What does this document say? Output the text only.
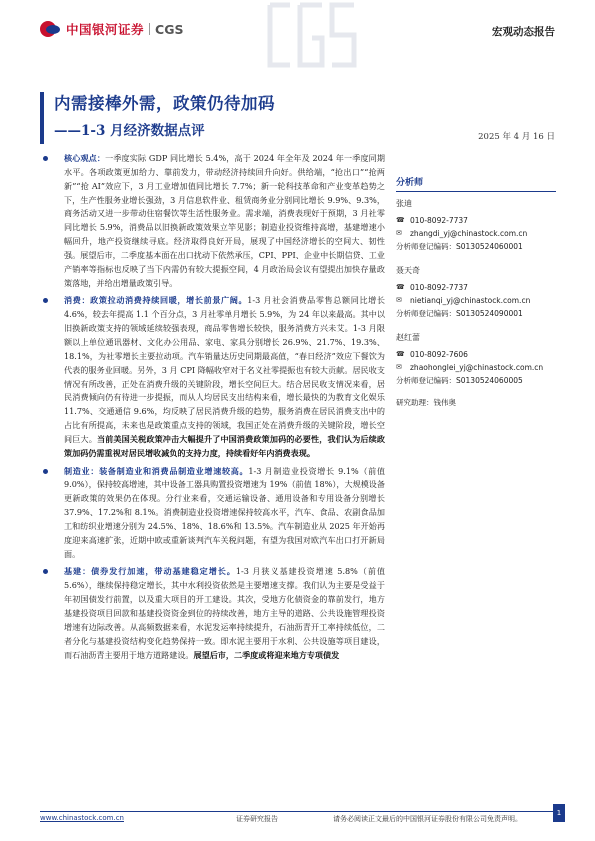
中国银河证券 CGS	宏观动态报告
内需接棒外需，政策仍待加码
——1-3 月经济数据点评	2025 年 4 月 16 日
核心观点：一季度实际 GDP 同比增长 5.4%，高于 2024 年全年及 2024 年一季度同期水平。各项政策更加给力、靠前发力，带动经济持续回升向好。供给端，“抢出口”“抢两新”“抢 AI”效应下，3 月工业增加值同比增长 7.7%；新一轮科技革命和产业变革趋势之下，生产性服务业增长强劲，3 月信息软件业、租赁商务业分别同比增长 9.9%、9.3%，商务活动又进一步带动住宿餐饮等生活性服务业。需求端，消费表现好于预期，3 月社零同比增长 5.9%，消费品以旧换新政策效果立竿见影；制造业投资维持高增，基建增速小幅回升，地产投资继续寻底。经济取得良好开局，展现了中国经济增长的空间大、韧性强。展望后市，二季度基本面在出口扰动下依然承压，CPI、PPI、企业中长期信贷、工业产销率等指标也反映了当下内需仍有较大提振空间，4 月政治局会议有望提出加快存量政策落地，并给出增量政策引导。
消费：政策拉动消费持续回暖，增长前景广阔。1-3 月社会消费品零售总额同比增长 4.6%，较去年提高 1.1 个百分点，3 月社零单月增长 5.9%，为 24 年以来最高。其中以旧换新政策支持的领域延续较强表现，商品零售增长较快，服务消费方兴未艾。1-3 月限额以上单位通讯器材、文化办公用品、家电、家具分别增长 26.9%、21.7%、19.3%、18.1%，为社零增长主要拉动项。汽车销量达历史同期最高值，“春日经济”效应下餐饮为代表的服务业回暖。另外，3 月 CPI 降幅收窄对于名义社零提振也有较大贡献。居民收支情况有所改善，正处在消费升级的关键阶段，增长空间巨大。结合居民收支情况来看，居民消费倾向仍有待进一步提振，而从人均居民支出结构来看，增长最快的为教育文化娱乐 11.7%、交通通信 9.6%，均反映了居民消费升级的趋势，服务消费在居民消费支出中的占比有所提高，未来也是政策重点支持的领域，我国正处在消费升级的关键阶段，增长空间巨大。当前美国关税政策冲击大幅提升了中国消费政策加码的必要性，我们认为后续政策加码仍需重视对居民增收减负的支持力度，持续看好年内消费表现。
制造业：装备制造业和消费品制造业增速较高。1-3 月制造业投资增长 9.1%（前值 9.0%），保持较高增速，其中设备工器具购置投资增速为 19%（前值 18%），大规模设备更新政策的效果仍在体现。分行业来看，交通运输设备、通用设备和专用设备分别增长 37.9%、17.2%和 8.1%。消费制造业投资增速保持较高水平，汽车、食品、农副食品加工和纺织业增速分别为 24.5%、18%、18.6%和 13.5%。汽车制造业从 2025 年开始再度迎来高速扩张，近期中欧或重新谈判汽车关税问题，有望为我国对欧汽车出口打开新局面。
基建：债券发行加速，带动基建稳定增长。1-3 月狭义基建投资增速 5.8%（前值 5.6%），继续保持稳定增长，其中水利投资依然是主要增速支撑。我们认为主要是受益于年初国债发行前置，以及重大项目的开工建设。其次，受地方化债资金的靠前发行，地方基建投资项目回款和基建投资资金到位的持续改善，地方主导的道路、公共设施管理投资增速有边际改善。从高频数据来看，水泥发运率持续提升，石油沥青开工率持续低位，二者分化与基建投资结构变化趋势保持一致。即水泥主要用于水利、公共设施等项目建设，而石油沥青主要用于地方道路建设。展望后市，二季度或将迎来地方专项债发
分析师
张迪
☎ 010-8092-7737
✉	zhangdi_yj@chinastock.com.cn
分析师登记编码：S0130524060001
聂天奇
☎ 010-8092-7737
✉	nietianqi_yj@chinastock.com.cn
分析师登记编码：S0130524090001
赵红蕾
☎ 010-8092-7606
✉	zhaohonglei_yj@chinastock.com.cn
分析师登记编码：S0130524060005
研究助理：钱伟奥
www.chinastock.com.cn	证券研究报告	请务必阅读正文最后的中国银河证券股份有限公司免责声明。
1
